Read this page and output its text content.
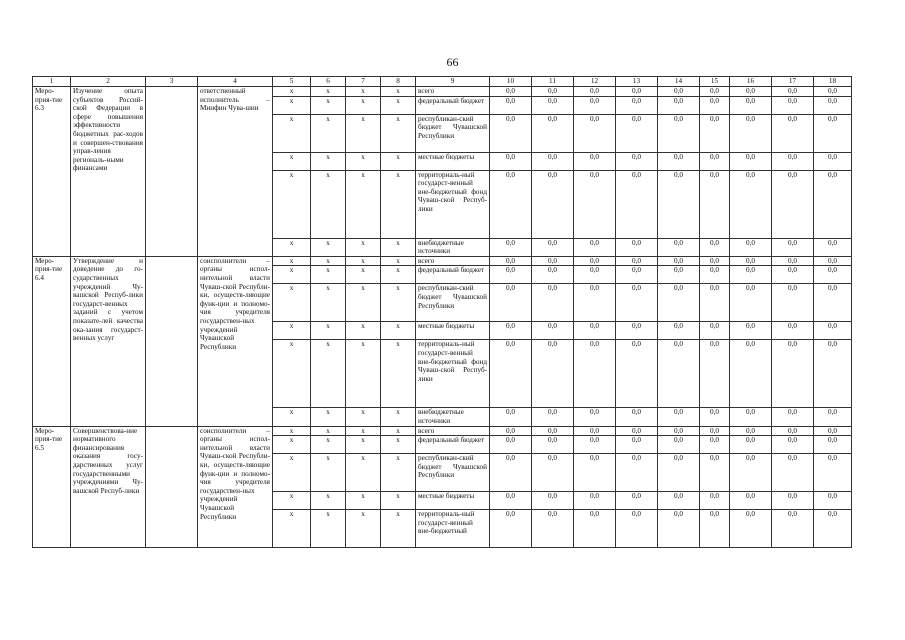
66
1	2	3	4	5	6	7	8	9	10	11	12	13	14	15	16	17	18
Меро-прия-тие 6.3	Изучение опыта субъектов Россий-ской Федерации в сфере повышения эффективности бюджетных рас-ходов и совершен-ствования управ-ления региональ-ными финансами		ответственный исполнитель – Минфин Чува-шии	x	x	x	x	всего	0,0	0,0	0,0	0,0	0,0	0,0	0,0	0,0	0,0
				x	x	x	x	федеральный бюджет	0,0	0,0	0,0	0,0	0,0	0,0	0,0	0,0	0,0
				x	x	x	x	республикан-ский бюджет Чувашской Республики	0,0	0,0	0,0	0,0	0,0	0,0	0,0	0,0	0,0
				x	x	x	x	местные бюджеты	0,0	0,0	0,0	0,0	0,0	0,0	0,0	0,0	0,0
				x	x	x	x	территориаль-ный государст-венный вне-бюджетный фонд Чуваш-ской Респуб-лики	0,0	0,0	0,0	0,0	0,0	0,0	0,0	0,0	0,0
				x	x	x	x	внебюджетные источники	0,0	0,0	0,0	0,0	0,0	0,0	0,0	0,0	0,0
Меро-прия-тие 6.4	Утверждение и доведение до го-сударственных учреждений Чу-вашской Респуб-лики государст-венных заданий с учетом показате-лей качества ока-зания государст-венных услуг		соисполнители – органы испол-нительной власти Чуваш-ской Республи-ки, осуществ-ляющие функ-ции и полномо-чия учредителя государствен-ных учреждений Чувашской Республики	x	x	x	x	всего	0,0	0,0	0,0	0,0	0,0	0,0	0,0	0,0	0,0
				x	x	x	x	федеральный бюджет	0,0	0,0	0,0	0,0	0,0	0,0	0,0	0,0	0,0
				x	x	x	x	республикан-ский бюджет Чувашской Республики	0,0	0,0	0,0	0,0	0,0	0,0	0,0	0,0	0,0
				x	x	x	x	местные бюджеты	0,0	0,0	0,0	0,0	0,0	0,0	0,0	0,0	0,0
				x	x	x	x	территориаль-ный государст-венный вне-бюджетный фонд Чуваш-ской Респуб-лики	0,0	0,0	0,0	0,0	0,0	0,0	0,0	0,0	0,0
				x	x	x	x	внебюджетные источники	0,0	0,0	0,0	0,0	0,0	0,0	0,0	0,0	0,0
Меро-прия-тие 6.5	Совершенствова-ние нормативного финансирования оказания госу-дарственных услуг государственными учреждениями Чу-вашской Респуб-лики		соисполнители – органы испол-нительной власти Чуваш-ской Республи-ки, осуществ-ляющие функ-ции и полномо-чия учредителя государствен-ных учреждений Чувашской Республики	x	x	x	x	всего	0,0	0,0	0,0	0,0	0,0	0,0	0,0	0,0	0,0
				x	x	x	x	федеральный бюджет	0,0	0,0	0,0	0,0	0,0	0,0	0,0	0,0	0,0
				x	x	x	x	республикан-ский бюджет Чувашской Республики	0,0	0,0	0,0	0,0	0,0	0,0	0,0	0,0	0,0
				x	x	x	x	местные бюджеты	0,0	0,0	0,0	0,0	0,0	0,0	0,0	0,0	0,0
				x	x	x	x	территориаль-ный государст-венный вне-бюджетный	0,0	0,0	0,0	0,0	0,0	0,0	0,0	0,0	0,0
